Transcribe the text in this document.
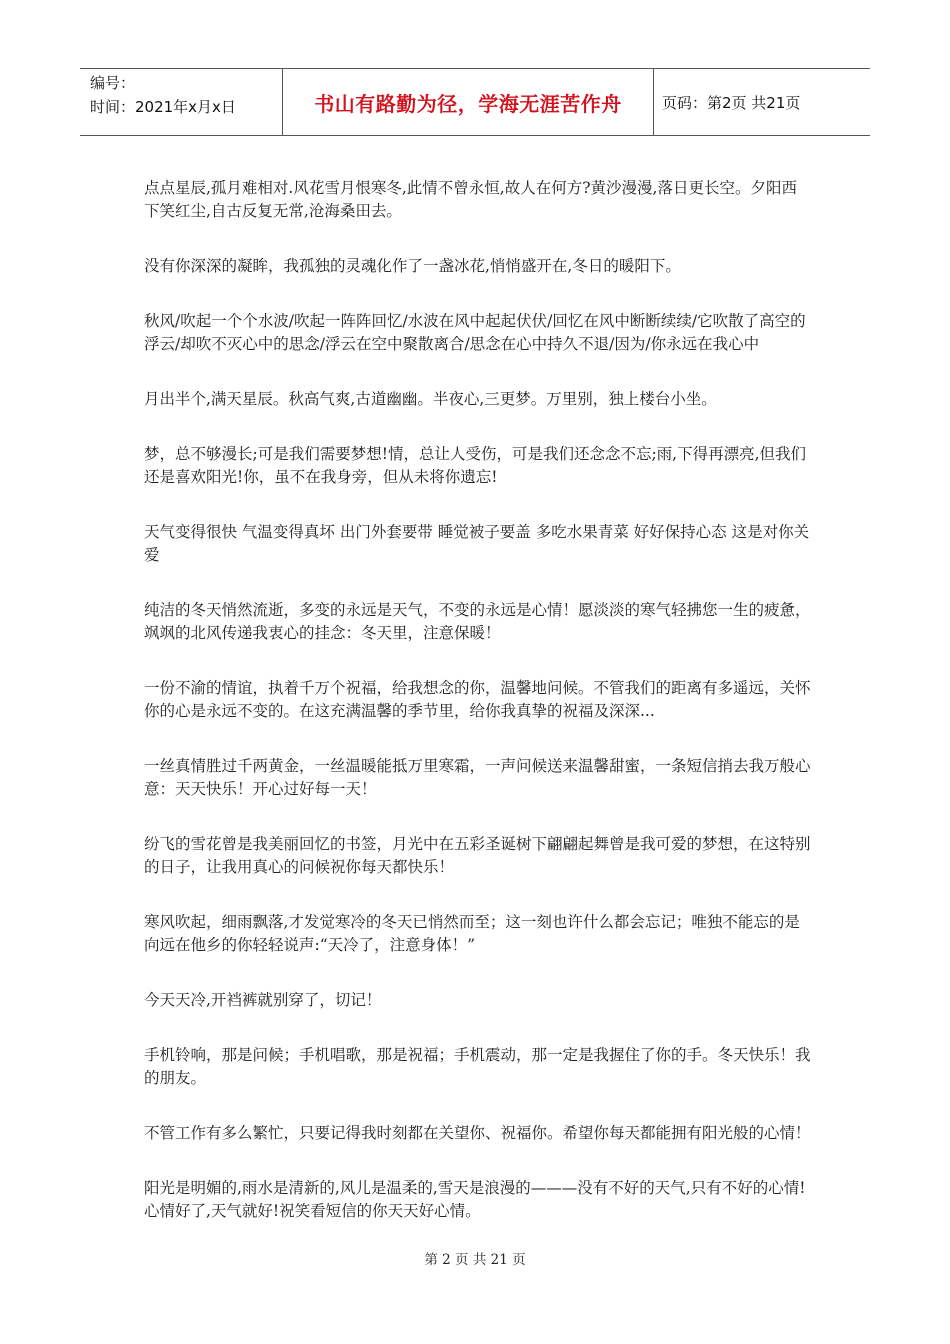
编号：
时间：2021年x月x日	书山有路勤为径，学海无涯苦作舟	页码：第2页 共21页

点点星辰,孤月难相对.风花雪月恨寒冬,此情不曾永恒,故人在何方?黄沙漫漫,落日更长空。夕阳西下笑红尘,自古反复无常,沧海桑田去。

没有你深深的凝眸，我孤独的灵魂化作了一盏冰花,悄悄盛开在,冬日的暖阳下。

秋风/吹起一个个水波/吹起一阵阵回忆/水波在风中起起伏伏/回忆在风中断断续续/它吹散了高空的浮云/却吹不灭心中的思念/浮云在空中聚散离合/思念在心中持久不退/因为/你永远在我心中

月出半个,满天星辰。秋高气爽,古道幽幽。半夜心,三更梦。万里别，独上楼台小坐。

梦，总不够漫长;可是我们需要梦想!情，总让人受伤，可是我们还念念不忘;雨,下得再漂亮,但我们还是喜欢阳光!你，虽不在我身旁，但从未将你遗忘!

天气变得很快 气温变得真坏 出门外套要带 睡觉被子要盖 多吃水果青菜 好好保持心态 这是对你关爱

纯洁的冬天悄然流逝，多变的永远是天气，不变的永远是心情！愿淡淡的寒气轻拂您一生的疲惫，飒飒的北风传递我衷心的挂念：冬天里，注意保暖！

一份不渝的情谊，执着千万个祝福，给我想念的你，温馨地问候。不管我们的距离有多遥远，关怀你的心是永远不变的。在这充满温馨的季节里，给你我真挚的祝福及深深...

一丝真情胜过千两黄金，一丝温暖能抵万里寒霜，一声问候送来温馨甜蜜，一条短信捎去我万般心意：天天快乐！开心过好每一天！

纷飞的雪花曾是我美丽回忆的书签，月光中在五彩圣诞树下翩翩起舞曾是我可爱的梦想，在这特别的日子，让我用真心的问候祝你每天都快乐！

寒风吹起，细雨飘落,才发觉寒冷的冬天已悄然而至；这一刻也许什么都会忘记；唯独不能忘的是向远在他乡的你轻轻说声:“天冷了，注意身体！”

今天天冷,开裆裤就别穿了，切记！

手机铃响，那是问候；手机唱歌，那是祝福；手机震动，那一定是我握住了你的手。冬天快乐！我的朋友。

不管工作有多么繁忙，只要记得我时刻都在关望你、祝福你。希望你每天都能拥有阳光般的心情！

阳光是明媚的,雨水是清新的,风儿是温柔的,雪天是浪漫的———没有不好的天气,只有不好的心情!心情好了,天气就好!祝笑看短信的你天天好心情。

第 2 页 共 21 页
